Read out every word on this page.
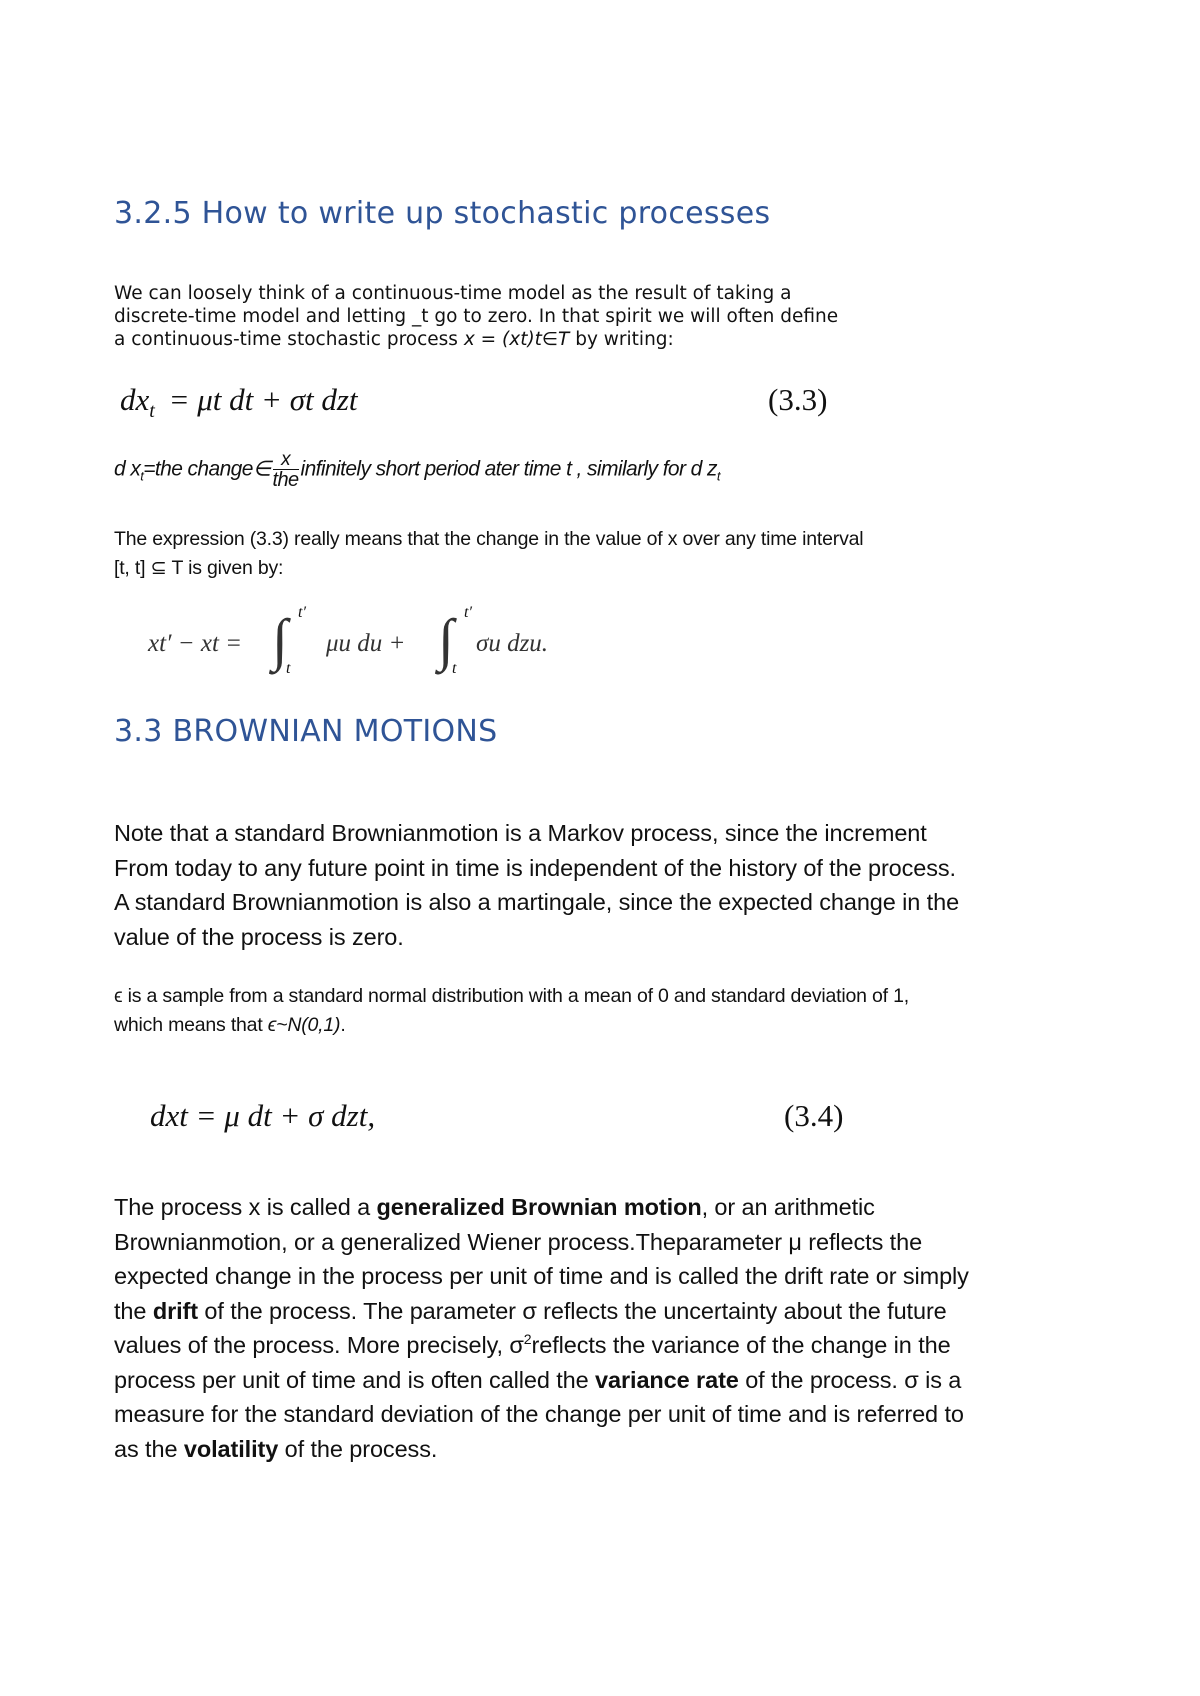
3.2.5 How to write up stochastic processes
We can loosely think of a continuous-time model as the result of taking a
discrete-time model and letting _t go to zero. In that spirit we will often define
a continuous-time stochastic process x = (xt)t∈T by writing:
$dx_t = \mu t$ dt + σt dzt	(3.3)
d $x_t=the$ change∈ $\frac{x}{\text{the}}$ infinitely short period ater time t , similarly for d $z_t$
The expression (3.3) really means that the change in the value of x over any time interval
[t, t] ⊆ T is given by:
xt′ − xt = ∫ t′
t
μu du + ∫ t′
t
σu dzu.
3.3 BROWNIAN MOTIONS
Note that a standard Brownianmotion is a Markov process, since the increment
From today to any future point in time is independent of the history of the process.
A standard Brownianmotion is also a martingale, since the expected change in the
value of the process is zero.
ϵ is a sample from a standard normal distribution with a mean of 0 and standard deviation of 1,
which means that ϵ~N(0,1).
dxt = μ dt + σ dzt,	(3.4)
The process x is called a generalized Brownian motion, or an arithmetic
Brownianmotion, or a generalized Wiener process.Theparameter μ reflects the
expected change in the process per unit of time and is called the drift rate or simply
the drift of the process. The parameter σ reflects the uncertainty about the future
values of the process. More precisely, $\sigma^2reflects$ the variance of the change in the
process per unit of time and is often called the variance rate of the process. σ is a
measure for the standard deviation of the change per unit of time and is referred to
as the volatility of the process.
